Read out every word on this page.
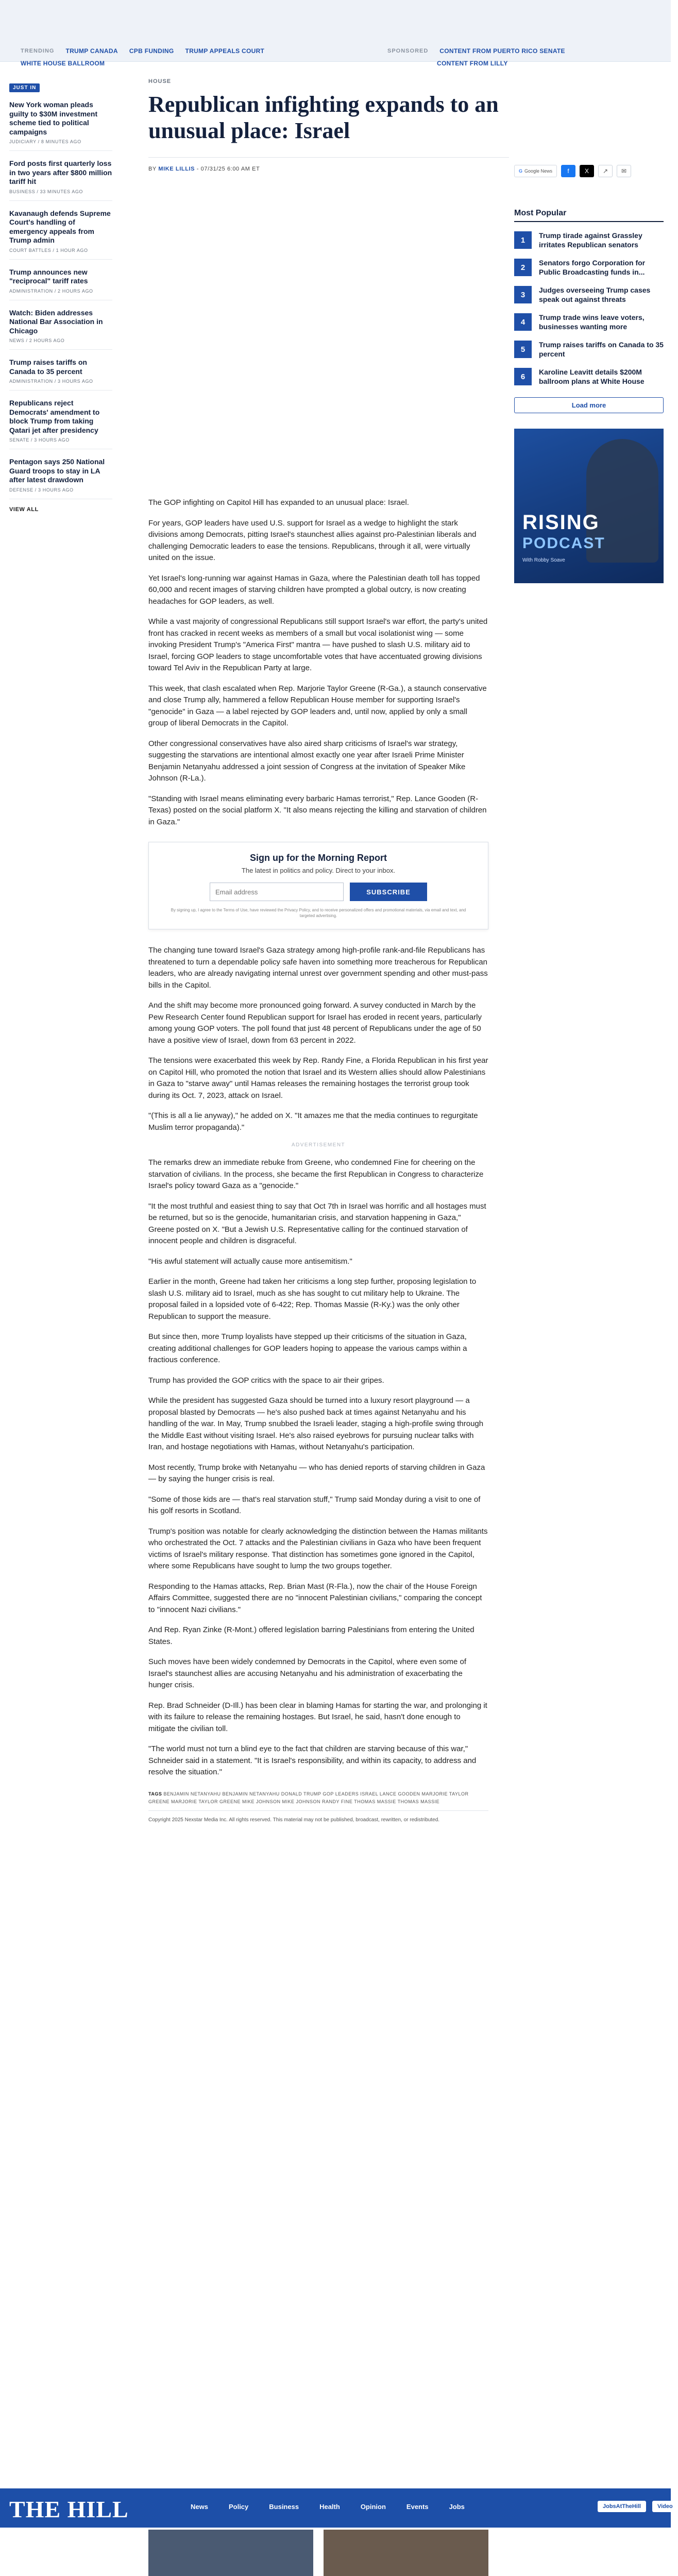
TRENDING TRUMP CANADA CPB FUNDING TRUMP APPEALS COURT
WHITE HOUSE BALLROOM
SPONSORED CONTENT FROM PUERTO RICO SENATE
CONTENT FROM LILLY
JUST IN
New York woman pleads guilty to $30M investment scheme tied to political campaigns
JUDICIARY / 8 MINUTES AGO
Ford posts first quarterly loss in two years after $800 million tariff hit
BUSINESS / 33 MINUTES AGO
Kavanaugh defends Supreme Court's handling of emergency appeals from Trump admin
COURT BATTLES / 1 HOUR AGO
Trump announces new "reciprocal" tariff rates
ADMINISTRATION / 2 HOURS AGO
Watch: Biden addresses National Bar Association in Chicago
NEWS / 2 HOURS AGO
Trump raises tariffs on Canada to 35 percent
ADMINISTRATION / 3 HOURS AGO
Republicans reject Democrats' amendment to block Trump from taking Qatari jet after presidency
SENATE / 3 HOURS AGO
Pentagon says 250 National Guard troops to stay in LA after latest drawdown
DEFENSE / 3 HOURS AGO
VIEW ALL
HOUSE
Republican infighting expands to an unusual place: Israel
BY MIKE LILLIS - 07/31/25 6:00 AM ET	G Google News	f	X	↗	✉
Most Popular
1
Trump tirade against Grassley irritates Republican senators
2
Senators forgo Corporation for Public Broadcasting funds in...
3
Judges overseeing Trump cases speak out against threats
4
Trump trade wins leave voters, businesses wanting more
5
Trump raises tariffs on Canada to 35 percent
6
Karoline Leavitt details $200M ballroom plans at White House
Load more
RISING
PODCAST
With Robby Soave

The GOP infighting on Capitol Hill has expanded to an unusual place: Israel.

For years, GOP leaders have used U.S. support for Israel as a wedge to highlight the stark divisions among Democrats, pitting Israel's staunchest allies against pro-Palestinian liberals and challenging Democratic leaders to ease the tensions. Republicans, through it all, were virtually united on the issue.

Yet Israel's long-running war against Hamas in Gaza, where the Palestinian death toll has topped 60,000 and recent images of starving children have prompted a global outcry, is now creating headaches for GOP leaders, as well.

While a vast majority of congressional Republicans still support Israel's war effort, the party's united front has cracked in recent weeks as members of a small but vocal isolationist wing — some invoking President Trump's "America First" mantra — have pushed to slash U.S. military aid to Israel, forcing GOP leaders to stage uncomfortable votes that have accentuated growing divisions toward Tel Aviv in the Republican Party at large.

This week, that clash escalated when Rep. Marjorie Taylor Greene (R-Ga.), a staunch conservative and close Trump ally, hammered a fellow Republican House member for supporting Israel's "genocide" in Gaza — a label rejected by GOP leaders and, until now, applied by only a small group of liberal Democrats in the Capitol.

Other congressional conservatives have also aired sharp criticisms of Israel's war strategy, suggesting the starvations are intentional almost exactly one year after Israeli Prime Minister Benjamin Netanyahu addressed a joint session of Congress at the invitation of Speaker Mike Johnson (R-La.).

"Standing with Israel means eliminating every barbaric Hamas terrorist," Rep. Lance Gooden (R-Texas) posted on the social platform X. "It also means rejecting the killing and starvation of children in Gaza."

Sign up for the Morning Report
The latest in politics and policy. Direct to your inbox.
Email address
SUBSCRIBE
By signing up, I agree to the Terms of Use, have reviewed the Privacy Policy, and to receive personalized offers and promotional materials, via email and text, and targeted advertising.

The changing tune toward Israel's Gaza strategy among high-profile rank-and-file Republicans has threatened to turn a dependable policy safe haven into something more treacherous for Republican leaders, who are already navigating internal unrest over government spending and other must-pass bills in the Capitol.

And the shift may become more pronounced going forward. A survey conducted in March by the Pew Research Center found Republican support for Israel has eroded in recent years, particularly among young GOP voters. The poll found that just 48 percent of Republicans under the age of 50 have a positive view of Israel, down from 63 percent in 2022.

The tensions were exacerbated this week by Rep. Randy Fine, a Florida Republican in his first year on Capitol Hill, who promoted the notion that Israel and its Western allies should allow Palestinians in Gaza to "starve away" until Hamas releases the remaining hostages the terrorist group took during its Oct. 7, 2023, attack on Israel.

"(This is all a lie anyway)," he added on X. "It amazes me that the media continues to regurgitate Muslim terror propaganda)."

ADVERTISEMENT

The remarks drew an immediate rebuke from Greene, who condemned Fine for cheering on the starvation of civilians. In the process, she became the first Republican in Congress to characterize Israel's policy toward Gaza as a "genocide."

"It the most truthful and easiest thing to say that Oct 7th in Israel was horrific and all hostages must be returned, but so is the genocide, humanitarian crisis, and starvation happening in Gaza," Greene posted on X. "But a Jewish U.S. Representative calling for the continued starvation of innocent people and children is disgraceful.

"His awful statement will actually cause more antisemitism."

Earlier in the month, Greene had taken her criticisms a long step further, proposing legislation to slash U.S. military aid to Israel, much as she has sought to cut military help to Ukraine. The proposal failed in a lopsided vote of 6-422; Rep. Thomas Massie (R-Ky.) was the only other Republican to support the measure.

But since then, more Trump loyalists have stepped up their criticisms of the situation in Gaza, creating additional challenges for GOP leaders hoping to appease the various camps within a fractious conference.

Trump has provided the GOP critics with the space to air their gripes.

While the president has suggested Gaza should be turned into a luxury resort playground — a proposal blasted by Democrats — he's also pushed back at times against Netanyahu and his handling of the war. In May, Trump snubbed the Israeli leader, staging a high-profile swing through the Middle East without visiting Israel. He's also raised eyebrows for pursuing nuclear talks with Iran, and hostage negotiations with Hamas, without Netanyahu's participation.

Most recently, Trump broke with Netanyahu — who has denied reports of starving children in Gaza — by saying the hunger crisis is real.

"Some of those kids are — that's real starvation stuff," Trump said Monday during a visit to one of his golf resorts in Scotland.

Trump's position was notable for clearly acknowledging the distinction between the Hamas militants who orchestrated the Oct. 7 attacks and the Palestinian civilians in Gaza who have been frequent victims of Israel's military response. That distinction has sometimes gone ignored in the Capitol, where some Republicans have sought to lump the two groups together.

Responding to the Hamas attacks, Rep. Brian Mast (R-Fla.), now the chair of the House Foreign Affairs Committee, suggested there are no "innocent Palestinian civilians," comparing the concept to "innocent Nazi civilians."

And Rep. Ryan Zinke (R-Mont.) offered legislation barring Palestinians from entering the United States.

Such moves have been widely condemned by Democrats in the Capitol, where even some of Israel's staunchest allies are accusing Netanyahu and his administration of exacerbating the hunger crisis.

Rep. Brad Schneider (D-Ill.) has been clear in blaming Hamas for starting the war, and prolonging it with its failure to release the remaining hostages. But Israel, he said, hasn't done enough to mitigate the civilian toll.

"The world must not turn a blind eye to the fact that children are starving because of this war," Schneider said in a statement. "It is Israel's responsibility, and within its capacity, to address and resolve the situation."

TAGS BENJAMIN NETANYAHU BENJAMIN NETANYAHU DONALD TRUMP GOP LEADERS ISRAEL LANCE GOODEN MARJORIE TAYLOR GREENE MARJORIE TAYLOR GREENE MIKE JOHNSON MIKE JOHNSON RANDY FINE THOMAS MASSIE THOMAS MASSIE
Copyright 2025 Nexstar Media Inc. All rights reserved. This material may not be published, broadcast, rewritten, or redistributed.
THE HILL	News	Policy	Business	Health	Opinion	Events	Jobs	JobsAtTheHill	Video
